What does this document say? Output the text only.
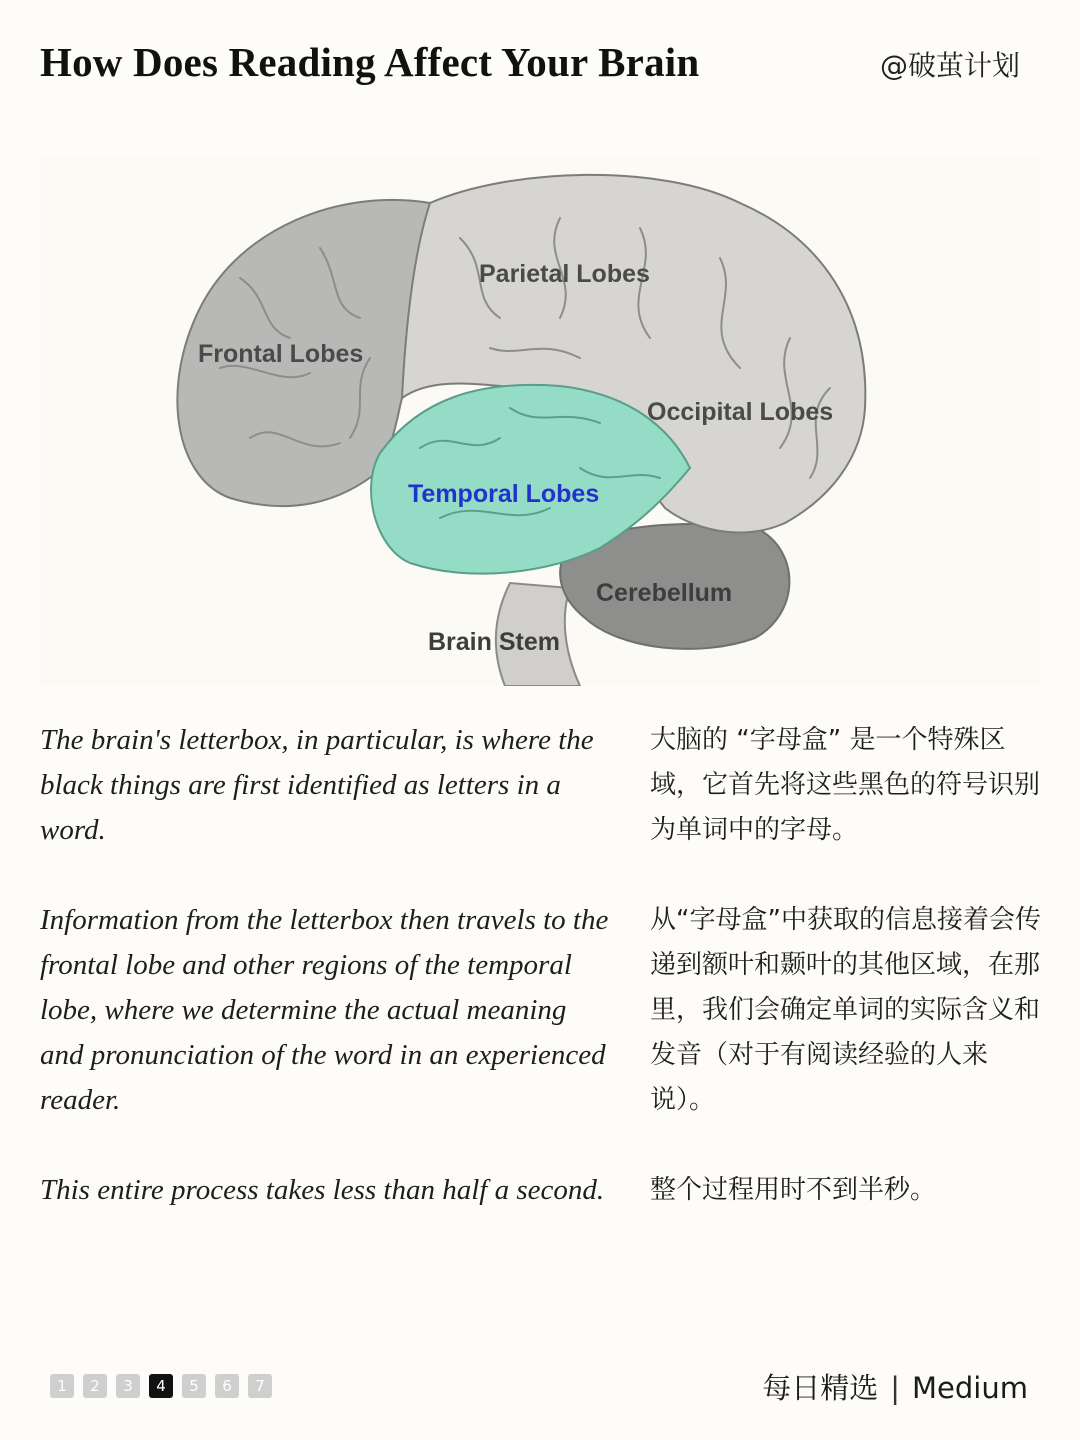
How Does Reading Affect Your Brain	@破茧计划
Frontal Lobes
Parietal Lobes
Occipital Lobes
Temporal Lobes
Cerebellum
Brain Stem

The brain's letterbox, in particular, is where the black things are first identified as letters in a word.

Information from the letterbox then travels to the frontal lobe and other regions of the temporal lobe, where we determine the actual meaning and pronunciation of the word in an experienced reader.

This entire process takes less than half a second.

大脑的 “字母盒” 是一个特殊区域，它首先将这些黑色的符号识别为单词中的字母。

从“字母盒”中获取的信息接着会传递到额叶和颞叶的其他区域，在那里，我们会确定单词的实际含义和发音（对于有阅读经验的人来说）。

整个过程用时不到半秒。

1	2	3	4	5	6	7	每日精选 | Medium
